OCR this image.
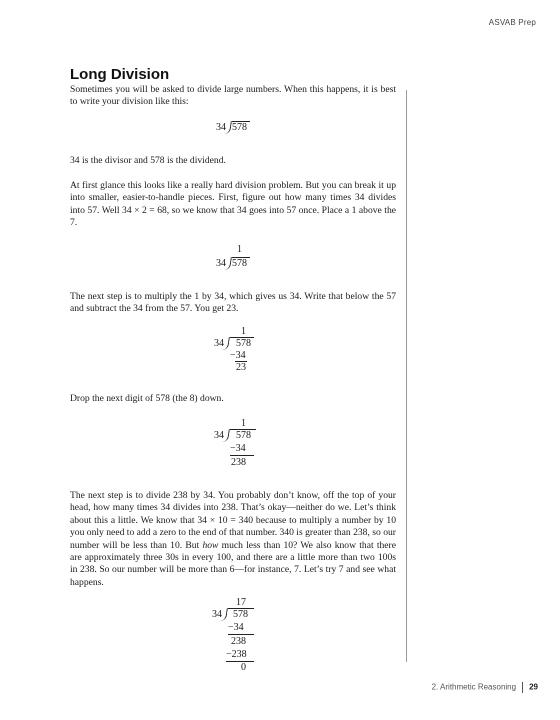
ASVAB Prep
Long Division

Sometimes you will be asked to divide large numbers. When this happens, it is best to write your division like this:

34 578

34 is the divisor and 578 is the dividend.

At first glance this looks like a really hard division problem. But you can break it up into smaller, easier-to-handle pieces. First, figure out how many times 34 divides into 57. Well 34 × 2 = 68, so we know that 34 goes into 57 once. Place a 1 above the 7.

1
34 578

The next step is to multiply the 1 by 34, which gives us 34. Write that below the 57 and subtract the 34 from the 57. You get 23.

1
34 578
−34
23

Drop the next digit of 578 (the 8) down.

1
34 578
−34
238

The next step is to divide 238 by 34. You probably don’t know, off the top of your head, how many times 34 divides into 238. That’s okay—neither do we. Let’s think about this a little. We know that 34 × 10 = 340 because to multiply a number by 10 you only need to add a zero to the end of that number. 340 is greater than 238, so our number will be less than 10. But how much less than 10? We also know that there are approximately three 30s in every 100, and there are a little more than two 100s in 238. So our number will be more than 6—for instance, 7. Let’s try 7 and see what happens.

17
34 578
−34
238
−238
0
2. Arithmetic Reasoning 29
